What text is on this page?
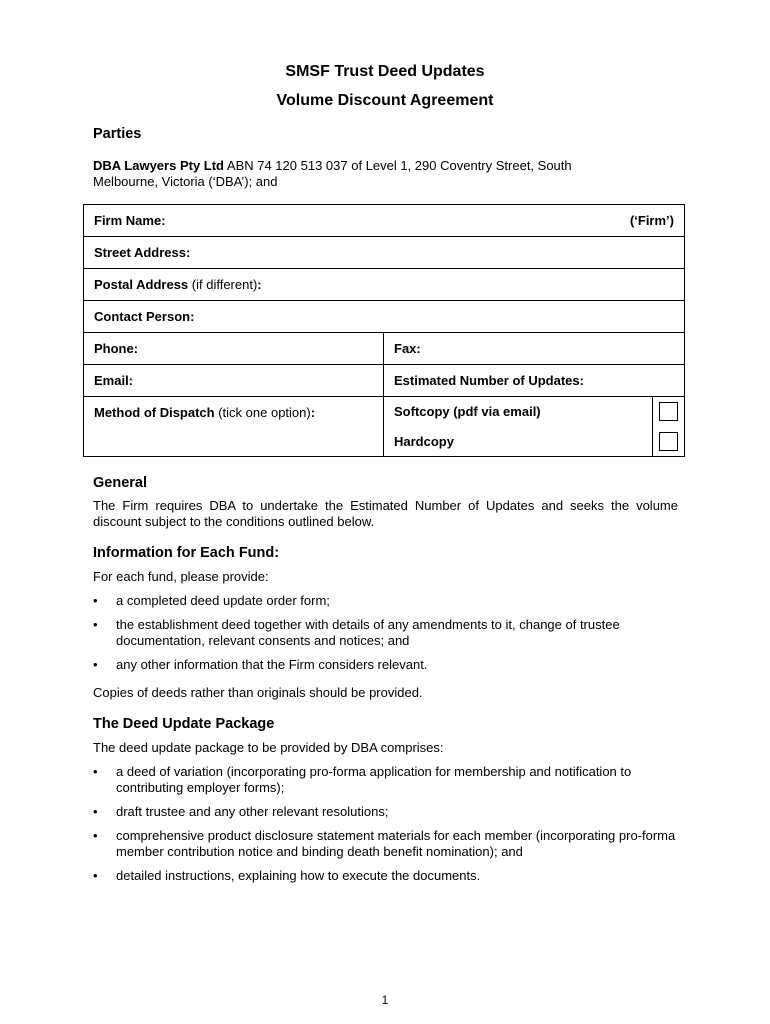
SMSF Trust Deed Updates
Volume Discount Agreement
Parties
DBA Lawyers Pty Ltd ABN 74 120 513 037 of Level 1, 290 Coventry Street, South
Melbourne, Victoria (‘DBA’); and
Firm Name: (‘Firm’)		

Street Address:		
Postal Address (if different):		
Contact Person:		
Phone:	Fax:	
Email:	Estimated Number of Updates:	
Method of Dispatch (tick one option):	Softcopy (pdf via email)	
	Hardcopy	
General
The Firm requires DBA to undertake the Estimated Number of Updates and seeks the volume discount subject to the conditions outlined below.
Information for Each Fund:
For each fund, please provide:
• a completed deed update order form;
• the establishment deed together with details of any amendments to it, change of trustee documentation, relevant consents and notices; and
• any other information that the Firm considers relevant.
Copies of deeds rather than originals should be provided.
The Deed Update Package
The deed update package to be provided by DBA comprises:
• a deed of variation (incorporating pro-forma application for membership and notification to contributing employer forms);
• draft trustee and any other relevant resolutions;
• comprehensive product disclosure statement materials for each member (incorporating pro-forma member contribution notice and binding death benefit nomination); and
• detailed instructions, explaining how to execute the documents.
1
